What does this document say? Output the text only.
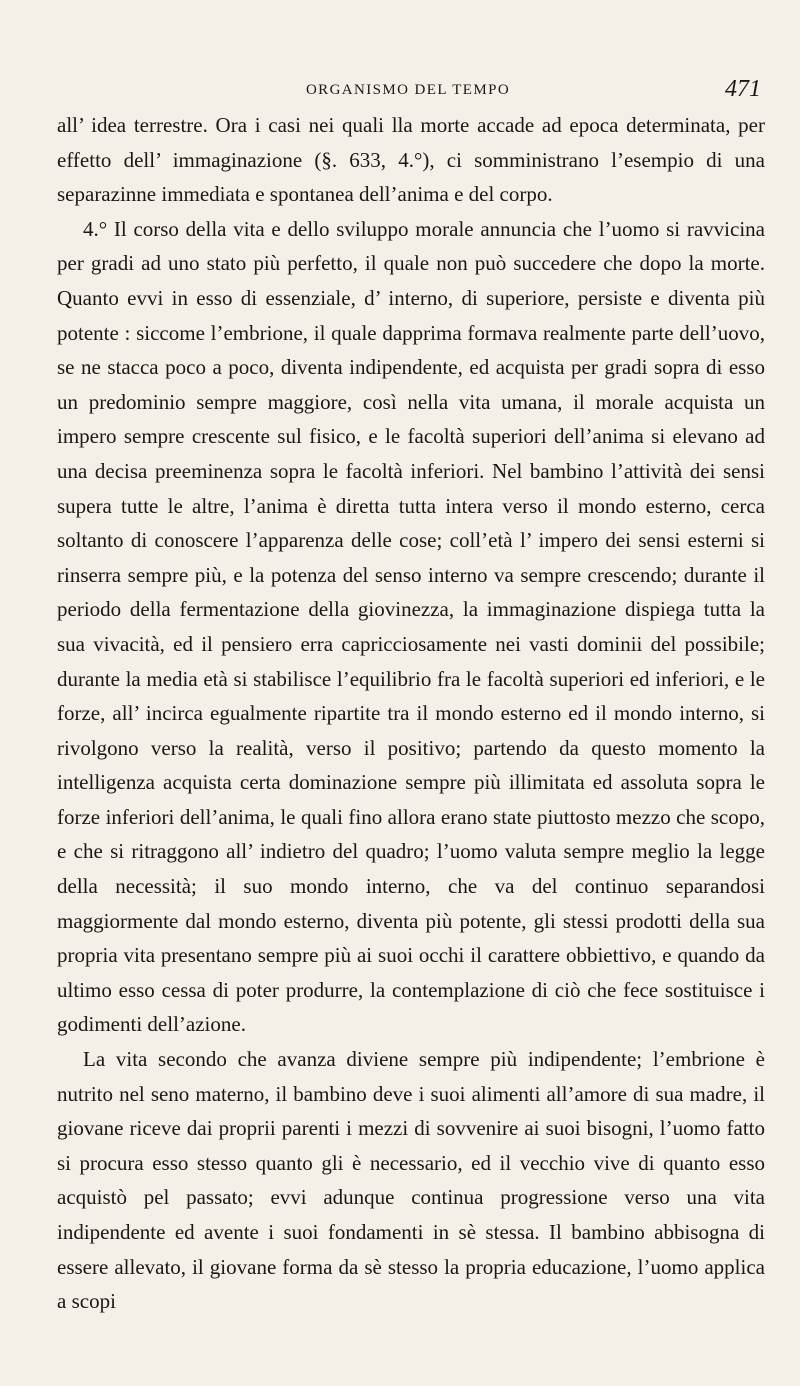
ORGANISMO DEL TEMPO	471

all’ idea terrestre. Ora i casi nei quali lla morte accade ad epoca determinata, per effetto dell’ immaginazione (§. 633, 4.°), ci somministrano l’esempio di una separazinne immediata e spontanea dell’anima e del corpo.

4.° Il corso della vita e dello sviluppo morale annuncia che l’uomo si ravvicina per gradi ad uno stato più perfetto, il quale non può succedere che dopo la morte. Quanto evvi in esso di essenziale, d’ interno, di superiore, persiste e diventa più potente : siccome l’embrione, il quale dapprima formava realmente parte dell’uovo, se ne stacca poco a poco, diventa indipendente, ed acquista per gradi sopra di esso un predominio sempre maggiore, così nella vita umana, il morale acquista un impero sempre crescente sul fisico, e le facoltà superiori dell’anima si elevano ad una decisa preeminenza sopra le facoltà inferiori. Nel bambino l’attività dei sensi supera tutte le altre, l’anima è diretta tutta intera verso il mondo esterno, cerca soltanto di conoscere l’apparenza delle cose; coll’età l’ impero dei sensi esterni si rinserra sempre più, e la potenza del senso interno va sempre crescendo; durante il periodo della fermentazione della giovinezza, la immaginazione dispiega tutta la sua vivacità, ed il pensiero erra capricciosamente nei vasti dominii del possibile; durante la media età si stabilisce l’equilibrio fra le facoltà superiori ed inferiori, e le forze, all’ incirca egualmente ripartite tra il mondo esterno ed il mondo interno, si rivolgono verso la realità, verso il positivo; partendo da questo momento la intelligenza acquista certa dominazione sempre più illimitata ed assoluta sopra le forze inferiori dell’anima, le quali fino allora erano state piuttosto mezzo che scopo, e che si ritraggono all’ indietro del quadro; l’uomo valuta sempre meglio la legge della necessità; il suo mondo interno, che va del continuo separandosi maggiormente dal mondo esterno, diventa più potente, gli stessi prodotti della sua propria vita presentano sempre più ai suoi occhi il carattere obbiettivo, e quando da ultimo esso cessa di poter produrre, la contemplazione di ciò che fece sostituisce i godimenti dell’azione.

La vita secondo che avanza diviene sempre più indipendente; l’embrione è nutrito nel seno materno, il bambino deve i suoi alimenti all’amore di sua madre, il giovane riceve dai proprii parenti i mezzi di sovvenire ai suoi bisogni, l’uomo fatto si procura esso stesso quanto gli è necessario, ed il vecchio vive di quanto esso acquistò pel passato; evvi adunque continua progressione verso una vita indipendente ed avente i suoi fondamenti in sè stessa. Il bambino abbisogna di essere allevato, il giovane forma da sè stesso la propria educazione, l’uomo applica a scopi
